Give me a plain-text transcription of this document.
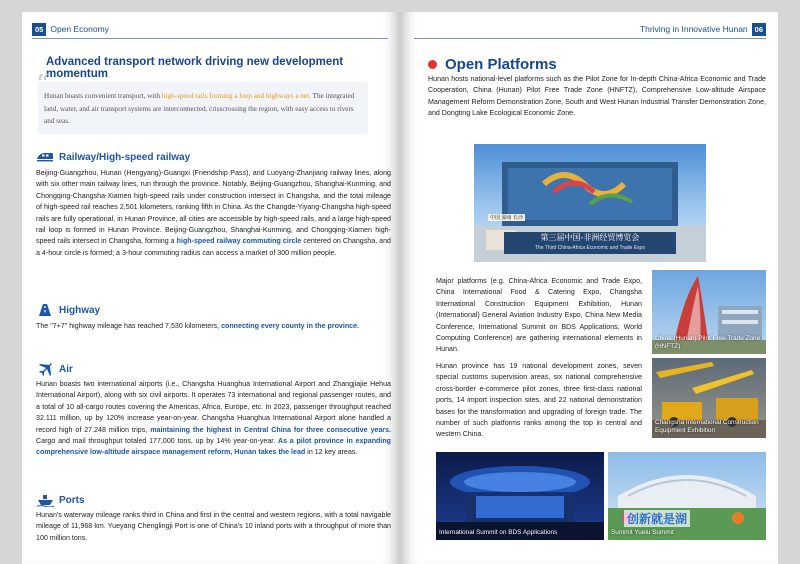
05 Open Economy
Advanced transport network driving new development momentum
“
Hunan boasts convenient transport, with high-speed rails forming a loop and highways a net. The integrated land, water, and air transport systems are interconnected, crisscrossing the region, with easy access to rivers and seas.
Railway/High-speed railway
Beijing-Guangzhou, Hunan (Hengyang)-Guangxi (Friendship Pass), and Luoyang-Zhanjiang railway lines, along with six other main railway lines, run through the province. Notably, Beijing-Guangzhou, Shanghai-Kunming, and Chongqing-Changsha-Xiamen high-speed rails under construction intersect in Changsha, and the total mileage of high-speed rail reaches 2,501 kilometers, ranking fifth in China. As the Changde-Yiyang-Changsha high-speed rails are fully operational, in Hunan Province, all cities are accessible by high-speed rails, and a large high-speed rail loop is formed in Hunan Province. Beijing-Guangzhou, Shanghai-Kunming, and Chongqing-Xiamen high-speed rails intersect in Changsha, forming a high-speed railway commuting circle centered on Changsha, and a 4-hour circle is formed; a 3-hour commuting radius can access a market of 300 million people.
Highway
The "7+7" highway mileage has reached 7,530 kilometers, connecting every county in the province.
Air
Hunan boasts two international airports (i.e., Changsha Huanghua International Airport and Zhangjiajie Hehua International Airport), along with six civil airports. It operates 73 international and regional passenger routes, and a total of 10 all-cargo routes covering the Americas, Africa, Europe, etc. In 2023, passenger throughput reached 32.111 million, up by 120% increase year-on-year. Changsha Huanghua International Airport alone handled a record high of 27.248 million trips, maintaining the highest in Central China for three consecutive years. Cargo and mail throughput totaled 177,000 tons, up by 14% year-on-year. As a pilot province in expanding comprehensive low-altitude airspace management reform, Hunan takes the lead in 12 key areas.
Ports
Hunan's waterway mileage ranks third in China and first in the central and western regions, with a total navigable mileage of 11,968 km. Yueyang Chenglingji Port is one of China's 10 inland ports with a throughput of more than 100 million tons.
Thriving in Innovative Hunan 06
Open Platforms
Hunan hosts national-level platforms such as the Pilot Zone for In-depth China-Africa Economic and Trade Cooperation, China (Hunan) Pilot Free Trade Zone (HNFTZ), Comprehensive Low-altitude Airspace Management Reform Demonstration Zone, South and West Hunan Industrial Transfer Demonstration Zone, and Dongting Lake Ecological Economic Zone.
第三届中国-非洲经贸博览会
The Third China-Africa Economic and Trade Expo
中国 湖南 长沙
Major platforms (e.g. China-Africa Economic and Trade Expo, China International Food & Catering Expo, Changsha International Construction Equipment Exhibition, Hunan (International) General Aviation Industry Expo, China New Media Conference, International Summit on BDS Applications, World Computing Conference) are gathering international elements in Hunan.
Hunan province has 19 national development zones, seven special customs supervision areas, six national comprehensive cross-border e-commerce pilot zones, three first-class national ports, 14 import inspection sites, and 22 national demonstration bases for the transformation and upgrading of foreign trade. The number of such platforms ranks among the top in central and western China.
China (Hunan) Pilot Free Trade Zone (HNFTZ)
Changsha International Construction Equipment Exhibition
International Summit on BDS Applications
创新就是湖
Summit Yuelu Summit
